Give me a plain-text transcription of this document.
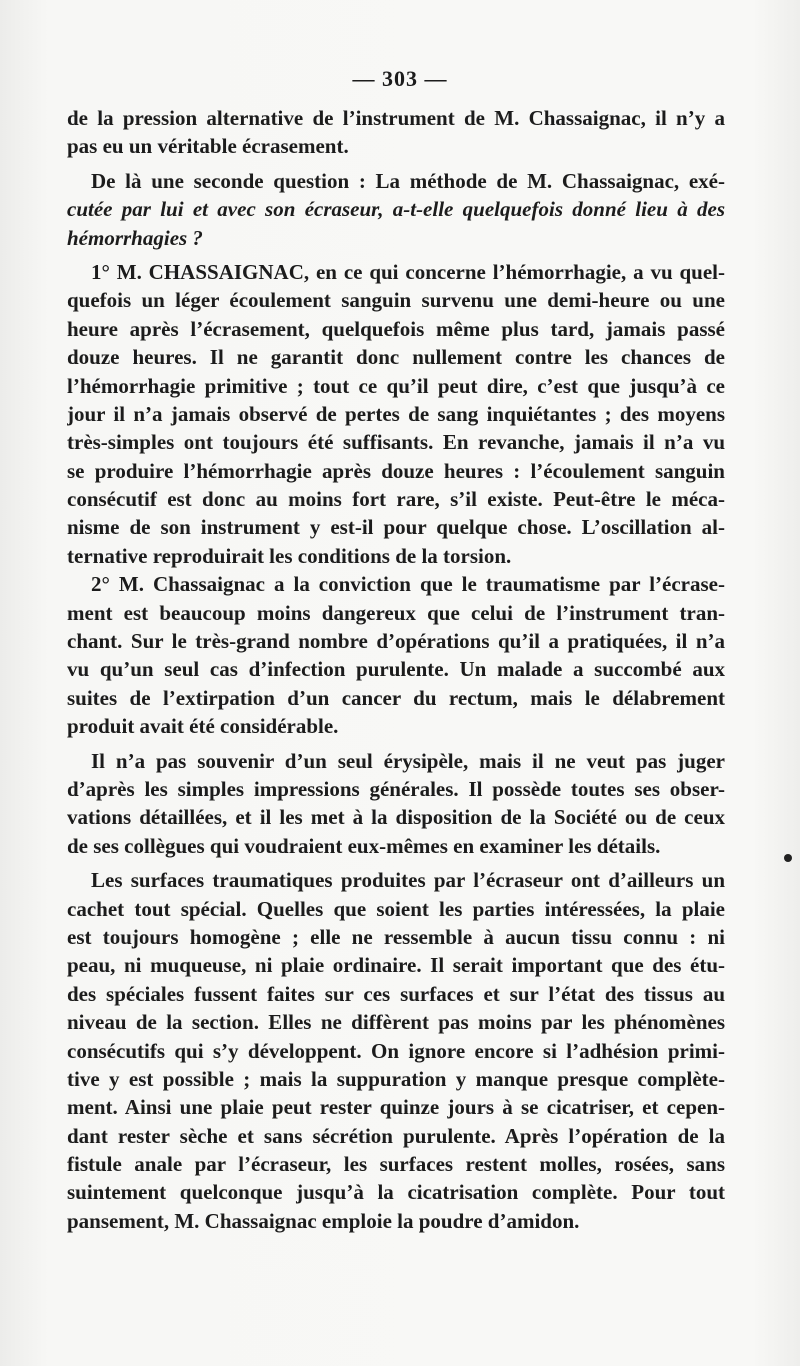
— 303 —
de la pression alternative de l’instrument de M. Chassaignac, il n’y a
pas eu un véritable écrasement.
De là une seconde question : La méthode de M. Chassaignac, exé-
cutée par lui et avec son écraseur, a-t-elle quelquefois donné lieu à des
hémorrhagies ?
1° M. CHASSAIGNAC, en ce qui concerne l’hémorrhagie, a vu quel-
quefois un léger écoulement sanguin survenu une demi-heure ou une
heure après l’écrasement, quelquefois même plus tard, jamais passé
douze heures. Il ne garantit donc nullement contre les chances de
l’hémorrhagie primitive ; tout ce qu’il peut dire, c’est que jusqu’à ce
jour il n’a jamais observé de pertes de sang inquiétantes ; des moyens
très-simples ont toujours été suffisants. En revanche, jamais il n’a vu
se produire l’hémorrhagie après douze heures : l’écoulement sanguin
consécutif est donc au moins fort rare, s’il existe. Peut-être le méca-
nisme de son instrument y est-il pour quelque chose. L’oscillation al-
ternative reproduirait les conditions de la torsion.
2° M. Chassaignac a la conviction que le traumatisme par l’écrase-
ment est beaucoup moins dangereux que celui de l’instrument tran-
chant. Sur le très-grand nombre d’opérations qu’il a pratiquées, il n’a
vu qu’un seul cas d’infection purulente. Un malade a succombé aux
suites de l’extirpation d’un cancer du rectum, mais le délabrement
produit avait été considérable.
Il n’a pas souvenir d’un seul érysipèle, mais il ne veut pas juger
d’après les simples impressions générales. Il possède toutes ses obser-
vations détaillées, et il les met à la disposition de la Société ou de ceux
de ses collègues qui voudraient eux-mêmes en examiner les détails.
Les surfaces traumatiques produites par l’écraseur ont d’ailleurs un
cachet tout spécial. Quelles que soient les parties intéressées, la plaie
est toujours homogène ; elle ne ressemble à aucun tissu connu : ni
peau, ni muqueuse, ni plaie ordinaire. Il serait important que des étu-
des spéciales fussent faites sur ces surfaces et sur l’état des tissus au
niveau de la section. Elles ne diffèrent pas moins par les phénomènes
consécutifs qui s’y développent. On ignore encore si l’adhésion primi-
tive y est possible ; mais la suppuration y manque presque complète-
ment. Ainsi une plaie peut rester quinze jours à se cicatriser, et cepen-
dant rester sèche et sans sécrétion purulente. Après l’opération de la
fistule anale par l’écraseur, les surfaces restent molles, rosées, sans
suintement quelconque jusqu’à la cicatrisation complète. Pour tout
pansement, M. Chassaignac emploie la poudre d’amidon.
